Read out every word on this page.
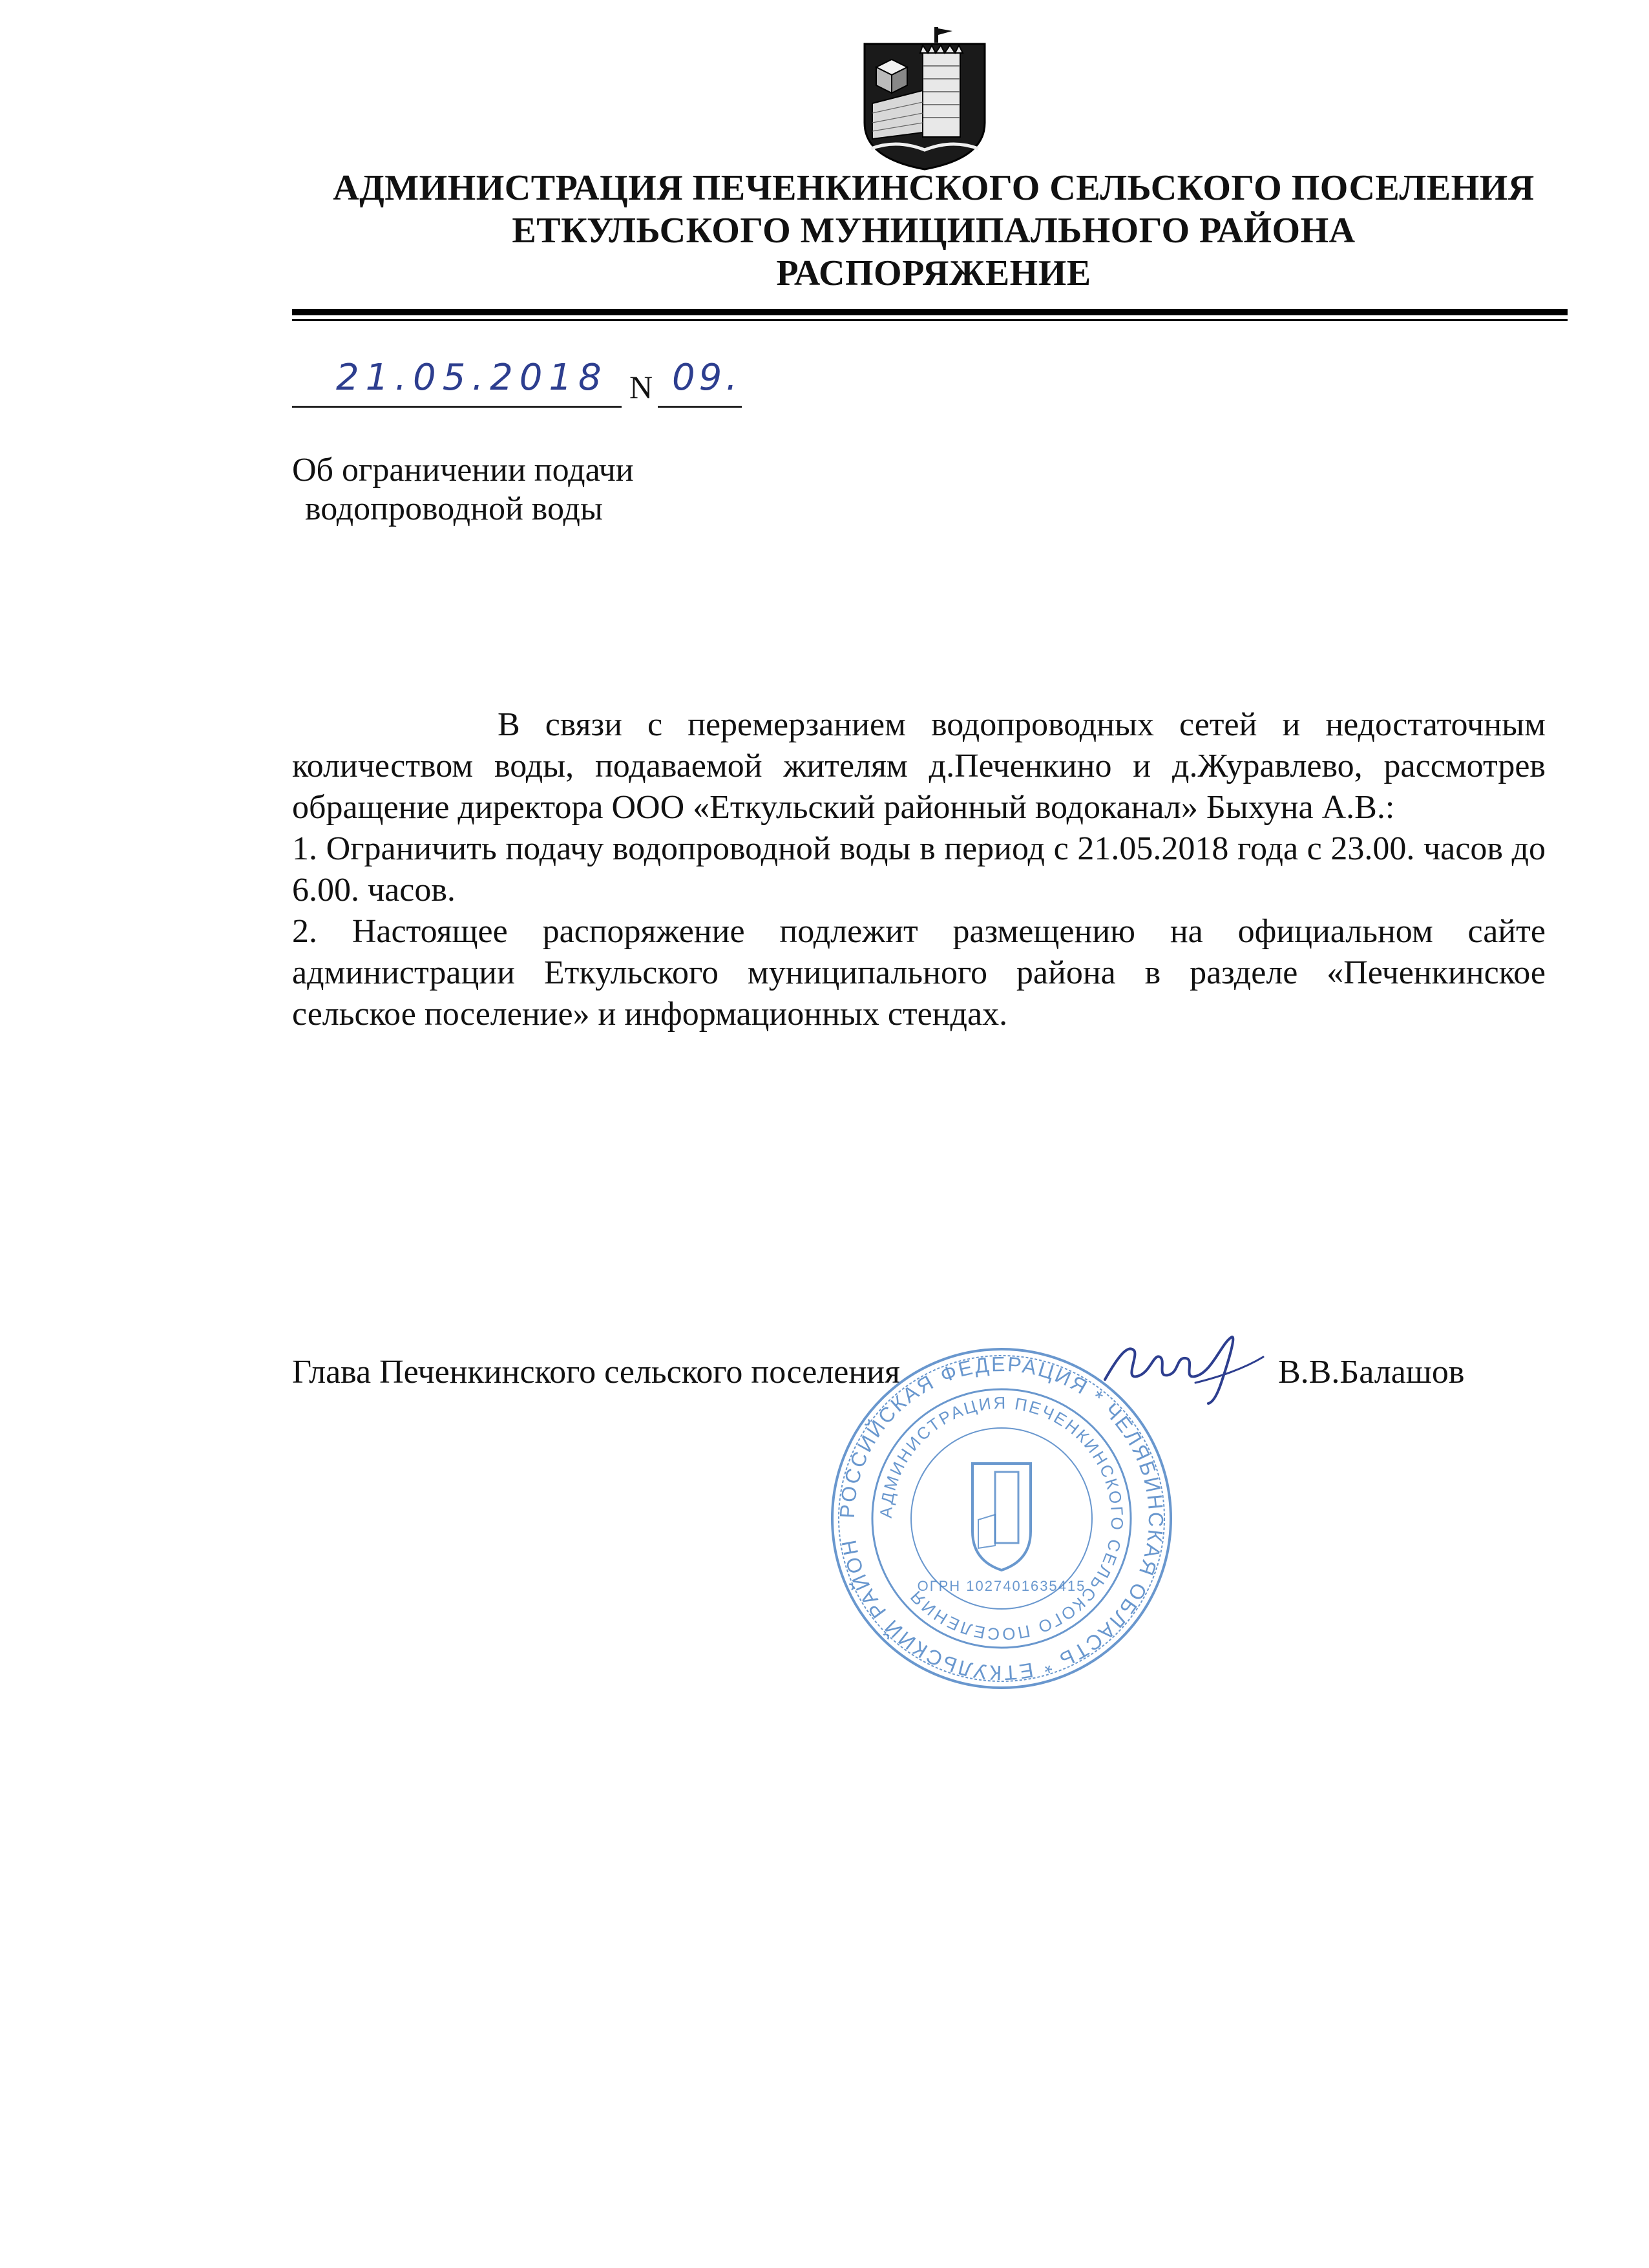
АДМИНИСТРАЦИЯ ПЕЧЕНКИНСКОГО СЕЛЬСКОГО ПОСЕЛЕНИЯ
ЕТКУЛЬСКОГО МУНИЦИПАЛЬНОГО РАЙОНА
РАСПОРЯЖЕНИЕ
21.05.2018 N 09.
Об ограничении подачи
водопроводной воды

В связи с перемерзанием водопроводных сетей и недостаточным количеством воды, подаваемой жителям д.Печенкино и д.Журавлево, рассмотрев обращение директора ООО «Еткульский районный водоканал» Быхуна А.В.:

1. Ограничить подачу водопроводной воды в период с 21.05.2018 года с 23.00. часов до 6.00. часов.

2. Настоящее распоряжение подлежит размещению на официальном сайте администрации Еткульского муниципального района в разделе «Печенкинское сельское поселение» и информационных стендах.

Глава Печенкинского сельского поселения	В.В.Балашов
РОССИЙСКАЯ ФЕДЕРАЦИЯ * ЧЕЛЯБИНСКАЯ ОБЛАСТЬ * ЕТКУЛЬСКИЙ РАЙОН
АДМИНИСТРАЦИЯ ПЕЧЕНКИНСКОГО СЕЛЬСКОГО ПОСЕЛЕНИЯ
ОГРН 1027401635415
